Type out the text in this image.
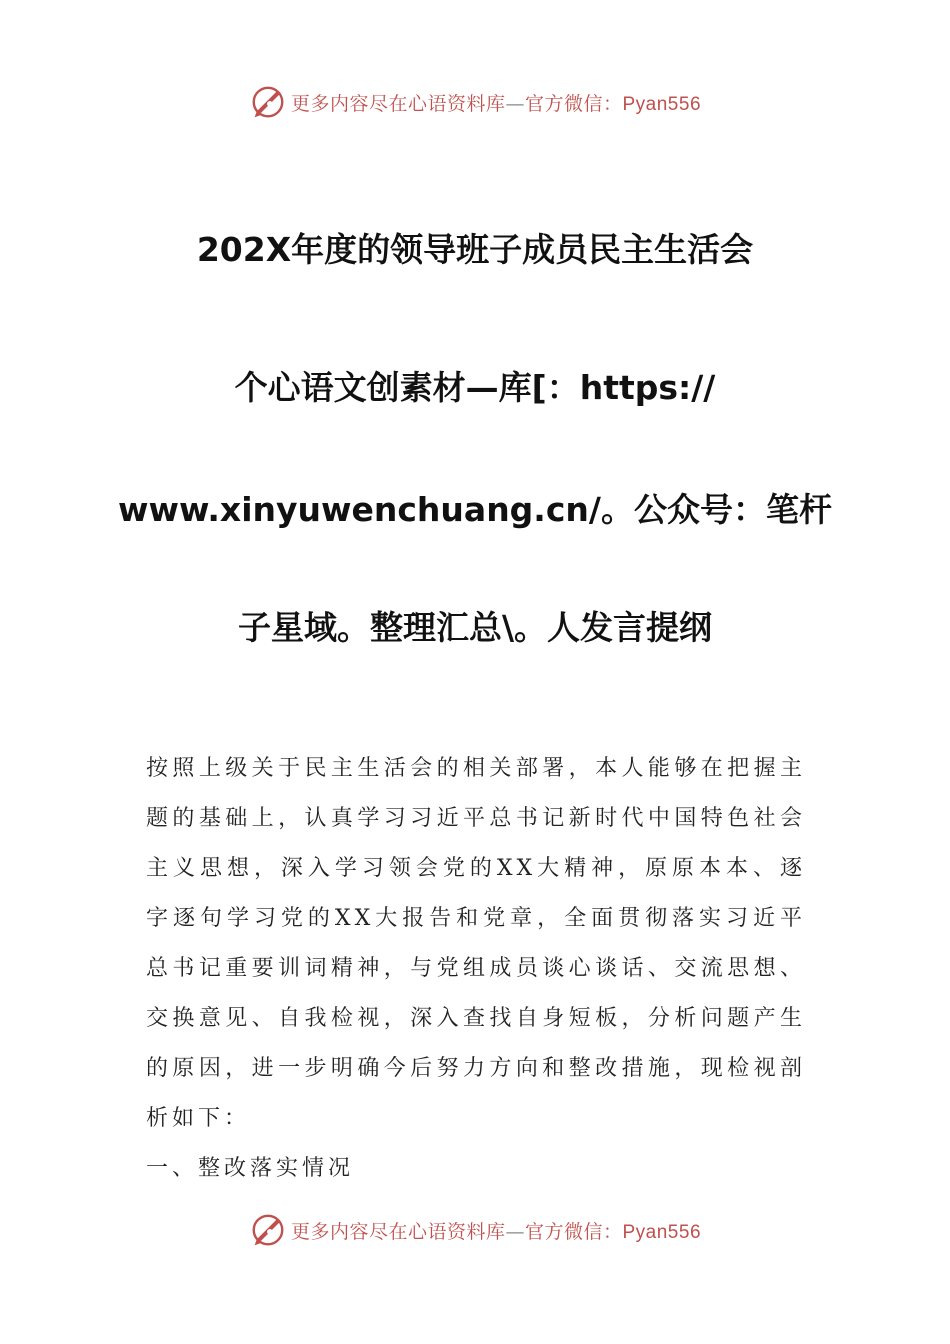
更多内容尽在心语资料库—官方微信：Pyan556
202X年度的领导班子成员民主生活会
个心语文创素材—库[：https://
www.xinyuwenchuang.cn/。公众号：笔杆
子星域。整理汇总\。人发言提纲

按照上级关于民主生活会的相关部署，本人能够在把握主题的基础上，认真学习习近平总书记新时代中国特色社会主义思想，深入学习领会党的XX大精神，原原本本、逐字逐句学习党的XX大报告和党章，全面贯彻落实习近平总书记重要训词精神，与党组成员谈心谈话、交流思想、交换意见、自我检视，深入查找自身短板，分析问题产生的原因，进一步明确今后努力方向和整改措施，现检视剖析如下：

一、整改落实情况

更多内容尽在心语资料库—官方微信：Pyan556
